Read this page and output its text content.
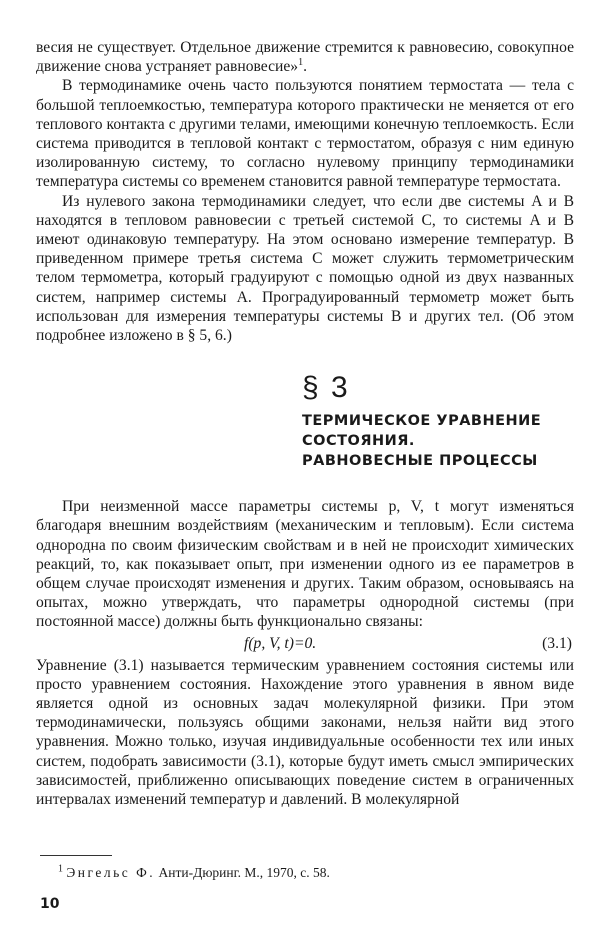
весия не существует. Отдельное движение стремится к равновесию, совокупное движение снова устраняет равновесие»$^1$.

В термодинамике очень часто пользуются понятием термостата — тела с большой теплоемкостью, температура которого практически не меняется от его теплового контакта с другими телами, имеющими конечную теплоемкость. Если система приводится в тепловой контакт с термостатом, образуя с ним единую изолированную систему, то согласно нулевому принципу термодинамики температура системы со временем становится равной температуре термостата.

Из нулевого закона термодинамики следует, что если две системы A и B находятся в тепловом равновесии с третьей системой C, то системы A и B имеют одинаковую температуру. На этом основано измерение температур. В приведенном примере третья система C может служить термометрическим телом термометра, который градуируют с помощью одной из двух названных систем, например системы A. Проградуированный термометр может быть использован для измерения температуры системы B и других тел. (Об этом подробнее изложено в § 5, 6.)

§ 3
ТЕРМИЧЕСКОЕ УРАВНЕНИЕ
СОСТОЯНИЯ.
РАВНОВЕСНЫЕ ПРОЦЕССЫ

При неизменной массе параметры системы p, V, t могут изменяться благодаря внешним воздействиям (механическим и тепловым). Если система однородна по своим физическим свойствам и в ней не происходит химических реакций, то, как показывает опыт, при изменении одного из ее параметров в общем случае происходят изменения и других. Таким образом, основываясь на опытах, можно утверждать, что параметры однородной системы (при постоянной массе) должны быть функционально связаны:

f(p, V, t)=0.	(3.1)

Уравнение (3.1) называется термическим уравнением состояния системы или просто уравнением состояния. Нахождение этого уравнения в явном виде является одной из основных задач молекулярной физики. При этом термодинамически, пользуясь общими законами, нельзя найти вид этого уравнения. Можно только, изучая индивидуальные особенности тех или иных систем, подобрать зависимости (3.1), которые будут иметь смысл эмпирических зависимостей, приближенно описывающих поведение систем в ограниченных интервалах изменений температур и давлений. В молекулярной

$^1$ Энгельс Ф. Анти-Дюринг. М., 1970, с. 58.
10
